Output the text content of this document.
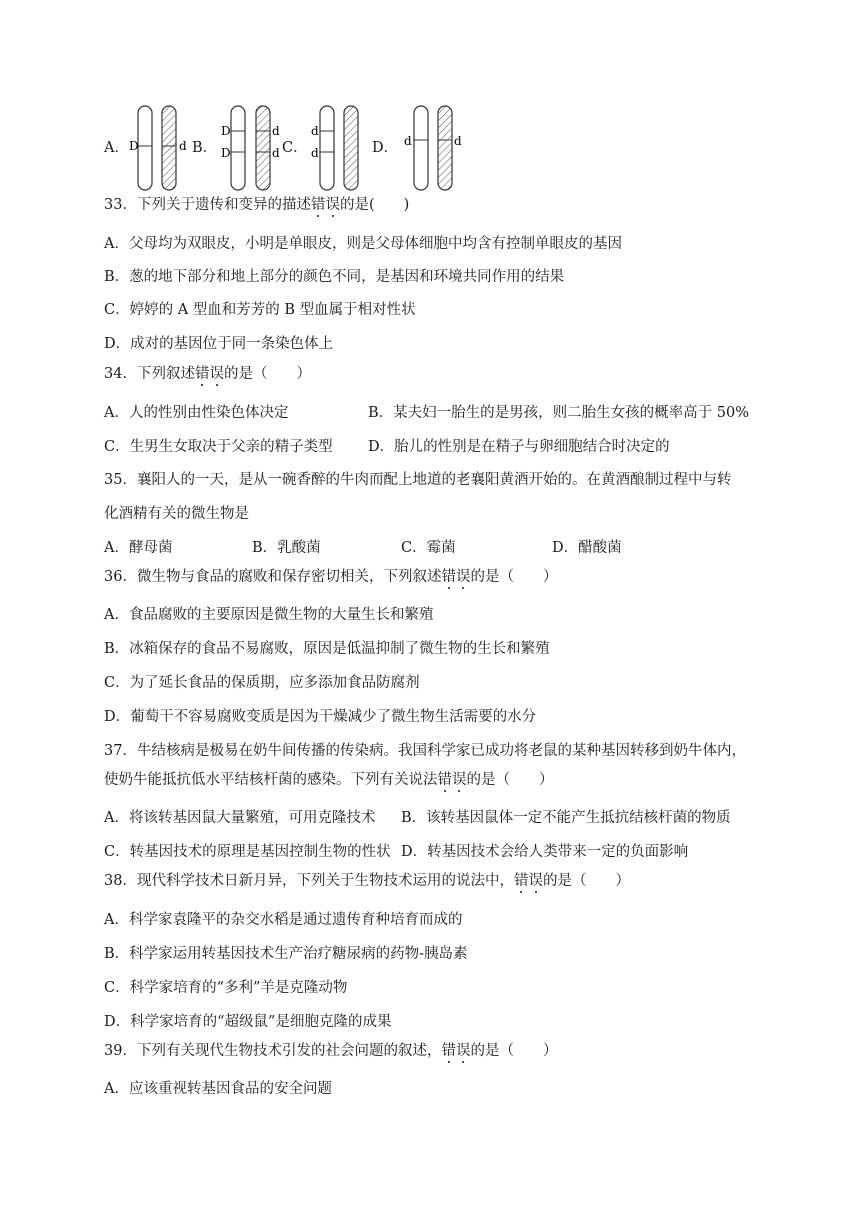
A．	B．	C．	D．
D	d
D
D
d
d
d
d
d	d
33．下列关于遗传和变异的描述错误的是(　　)
A．父母均为双眼皮，小明是单眼皮，则是父母体细胞中均含有控制单眼皮的基因
B．葱的地下部分和地上部分的颜色不同，是基因和环境共同作用的结果
C．婷婷的 A 型血和芳芳的 B 型血属于相对性状
D．成对的基因位于同一条染色体上
34．下列叙述错误的是（　　）
A．人的性别由性染色体决定	B．某夫妇一胎生的是男孩，则二胎生女孩的概率高于 50%
C．生男生女取决于父亲的精子类型 D．胎儿的性别是在精子与卵细胞结合时决定的
35．襄阳人的一天，是从一碗香醉的牛肉而配上地道的老襄阳黄酒开始的。在黄酒酿制过程中与转
化酒精有关的微生物是
A．酵母菌	B．乳酸菌	C．霉菌	D．醋酸菌
36．微生物与食品的腐败和保存密切相关，下列叙述错误的是（　　）
A．食品腐败的主要原因是微生物的大量生长和繁殖
B．冰箱保存的食品不易腐败，原因是低温抑制了微生物的生长和繁殖
C．为了延长食品的保质期，应多添加食品防腐剂
D．葡萄干不容易腐败变质是因为干燥减少了微生物生活需要的水分
37．牛结核病是极易在奶牛间传播的传染病。我国科学家已成功将老鼠的某种基因转移到奶牛体内，
使奶牛能抵抗低水平结核杆菌的感染。下列有关说法错误的是（　　）
A．将该转基因鼠大量繁殖，可用克隆技术 B．该转基因鼠体一定不能产生抵抗结核杆菌的物质
C．转基因技术的原理是基因控制生物的性状 D．转基因技术会给人类带来一定的负面影响
38．现代科学技术日新月异，下列关于生物技术运用的说法中，错误的是（　　）
A．科学家袁隆平的杂交水稻是通过遗传育种培育而成的
B．科学家运用转基因技术生产治疗糖尿病的药物-胰岛素
C．科学家培育的“多利”羊是克隆动物
D．科学家培育的“超级鼠”是细胞克隆的成果
39．下列有关现代生物技术引发的社会问题的叙述，错误的是（　　）
A．应该重视转基因食品的安全问题
